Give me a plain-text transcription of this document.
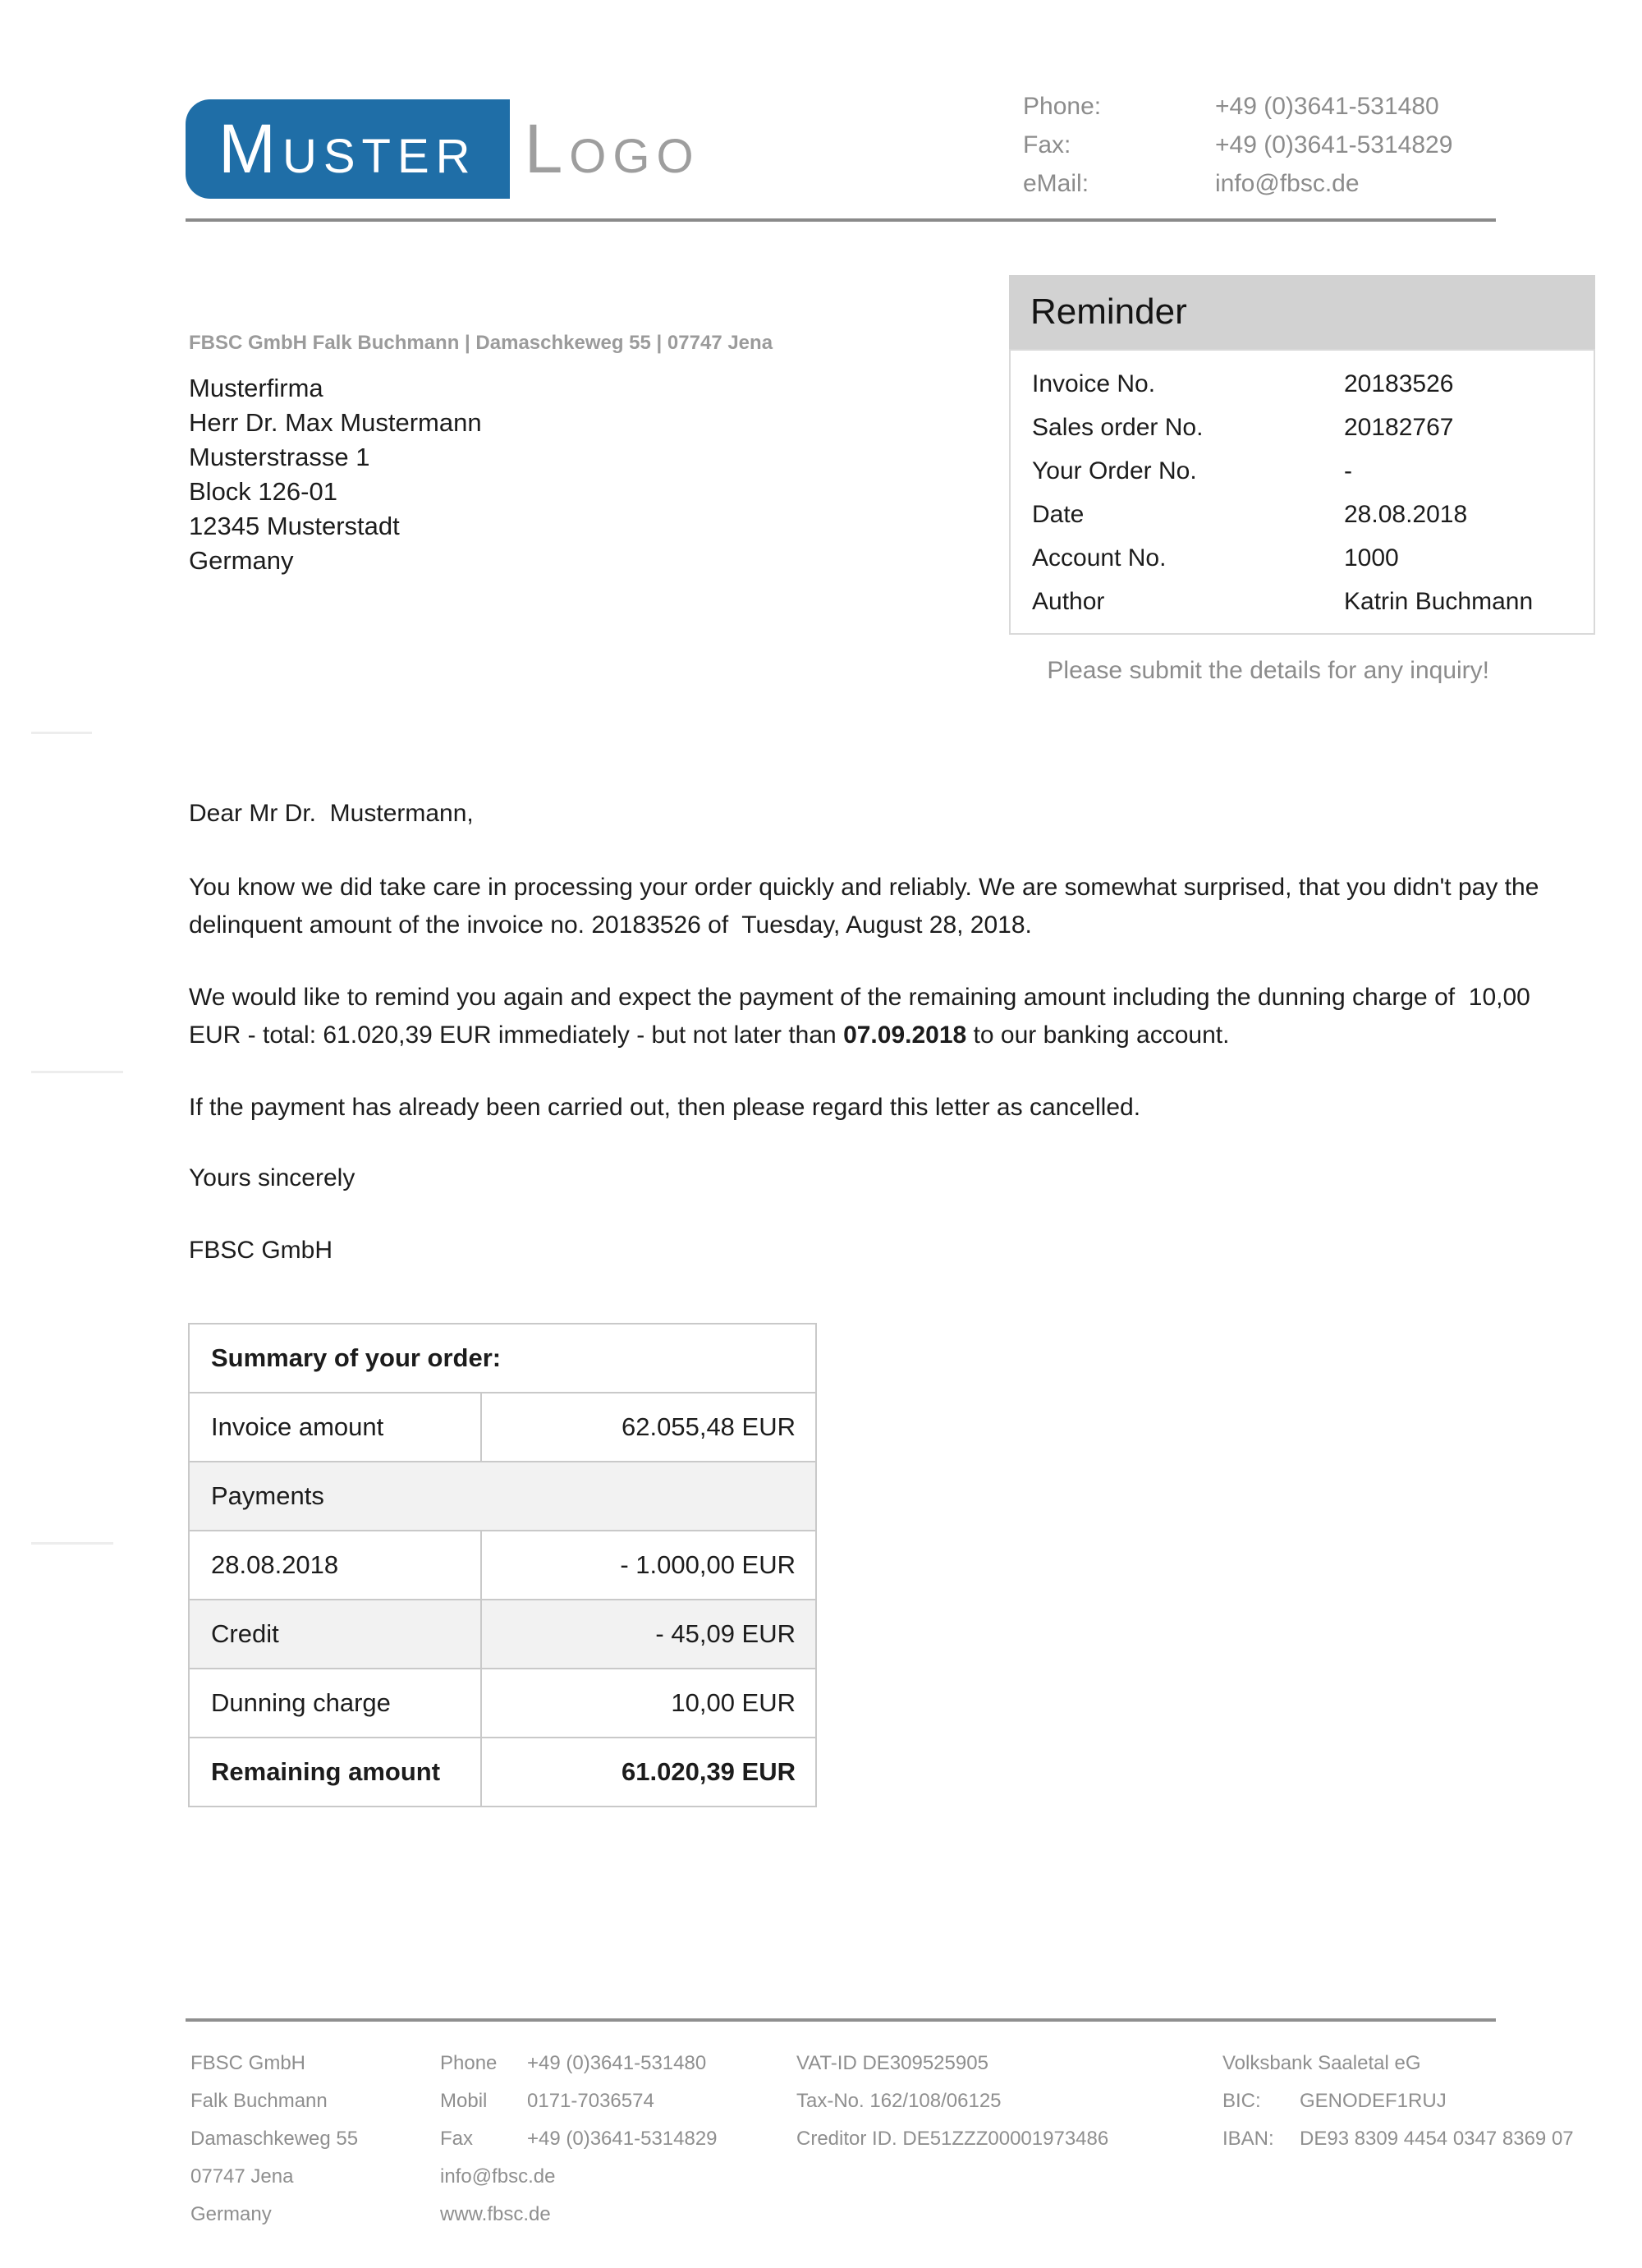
MUSTER LOGO
Phone:	+49 (0)3641-531480
Fax:	+49 (0)3641-5314829
eMail:	info@fbsc.de
FBSC GmbH Falk Buchmann | Damaschkeweg 55 | 07747 Jena
Musterfirma
Herr Dr. Max Mustermann
Musterstrasse 1
Block 126-01
12345 Musterstadt
Germany
Reminder
Invoice No.	20183526
Sales order No.	20182767
Your Order No.	-
Date	28.08.2018
Account No.	1000
Author	Katrin Buchmann
Please submit the details for any inquiry!
Dear Mr Dr.  Mustermann,
You know we did take care in processing your order quickly and reliably. We are somewhat surprised, that you didn't pay the delinquent amount of the invoice no. 20183526 of  Tuesday, August 28, 2018.
We would like to remind you again and expect the payment of the remaining amount including the dunning charge of  10,00 EUR - total: 61.020,39 EUR immediately - but not later than 07.09.2018 to our banking account.
If the payment has already been carried out, then please regard this letter as cancelled.
Yours sincerely
FBSC GmbH
Summary of your order:	
Invoice amount	62.055,48 EUR
Payments	
28.08.2018	- 1.000,00 EUR
Credit	- 45,09 EUR
Dunning charge	10,00 EUR
Remaining amount	61.020,39 EUR
FBSC GmbH
Falk Buchmann
Damaschkeweg 55
07747 Jena
Germany
Phone +49 (0)3641-531480
Mobil 0171-7036574
Fax	+49 (0)3641-5314829
info@fbsc.de
www.fbsc.de
VAT-ID DE309525905
Tax-No. 162/108/06125
Creditor ID. DE51ZZZ00001973486
Volksbank Saaletal eG
BIC: GENODEF1RUJ
IBAN: DE93 8309 4454 0347 8369 07
